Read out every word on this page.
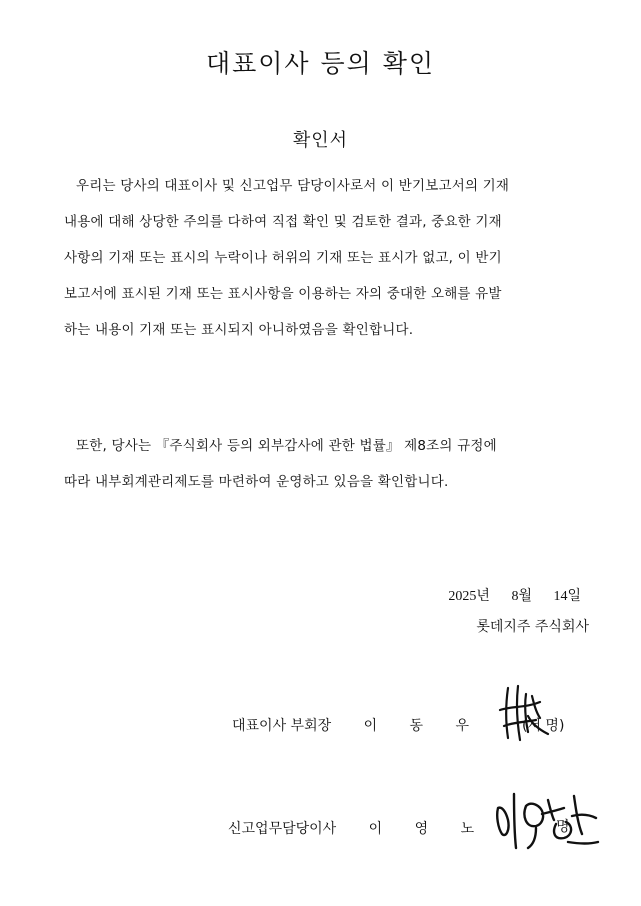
대표이사 등의 확인
확인서
우리는 당사의 대표이사 및 신고업무 담당이사로서 이 반기보고서의 기재
내용에 대해 상당한 주의를 다하여 직접 확인 및 검토한 결과, 중요한 기재
사항의 기재 또는 표시의 누락이나 허위의 기재 또는 표시가 없고, 이 반기
보고서에 표시된 기재 또는 표시사항을 이용하는 자의 중대한 오해를 유발
하는 내용이 기재 또는 표시되지 아니하였음을 확인합니다.
또한, 당사는 『주식회사 등의 외부감사에 관한 법률』 제8조의 규정에
따라 내부회계관리제도를 마련하여 운영하고 있음을 확인합니다.
2025년 8월 14일
롯데지주 주식회사
대표이사 부회장 이 동 우	(서 명)
신고업무담당이사 이 영 노	명
